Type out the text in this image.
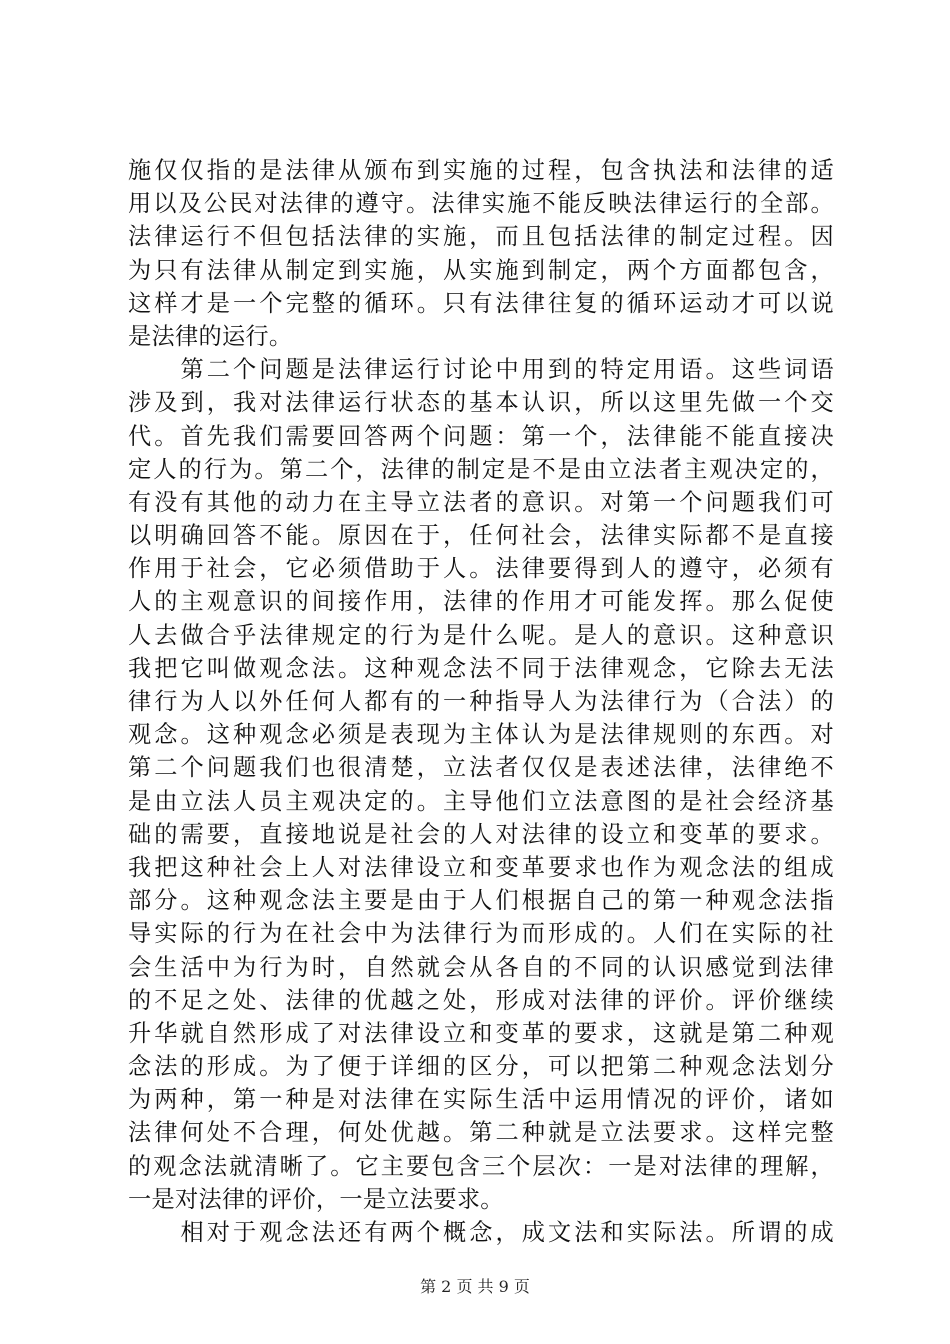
施仅仅指的是法律从颁布到实施的过程，包含执法和法律的适
用以及公民对法律的遵守。法律实施不能反映法律运行的全部。
法律运行不但包括法律的实施，而且包括法律的制定过程。因
为只有法律从制定到实施，从实施到制定，两个方面都包含，
这样才是一个完整的循环。只有法律往复的循环运动才可以说
是法律的运行。
　　第二个问题是法律运行讨论中用到的特定用语。这些词语
涉及到，我对法律运行状态的基本认识，所以这里先做一个交
代。首先我们需要回答两个问题：第一个，法律能不能直接决
定人的行为。第二个，法律的制定是不是由立法者主观决定的，
有没有其他的动力在主导立法者的意识。对第一个问题我们可
以明确回答不能。原因在于，任何社会，法律实际都不是直接
作用于社会，它必须借助于人。法律要得到人的遵守，必须有
人的主观意识的间接作用，法律的作用才可能发挥。那么促使
人去做合乎法律规定的行为是什么呢。是人的意识。这种意识
我把它叫做观念法。这种观念法不同于法律观念，它除去无法
律行为人以外任何人都有的一种指导人为法律行为（合法）的
观念。这种观念必须是表现为主体认为是法律规则的东西。对
第二个问题我们也很清楚，立法者仅仅是表述法律，法律绝不
是由立法人员主观决定的。主导他们立法意图的是社会经济基
础的需要，直接地说是社会的人对法律的设立和变革的要求。
我把这种社会上人对法律设立和变革要求也作为观念法的组成
部分。这种观念法主要是由于人们根据自己的第一种观念法指
导实际的行为在社会中为法律行为而形成的。人们在实际的社
会生活中为行为时，自然就会从各自的不同的认识感觉到法律
的不足之处、法律的优越之处，形成对法律的评价。评价继续
升华就自然形成了对法律设立和变革的要求，这就是第二种观
念法的形成。为了便于详细的区分，可以把第二种观念法划分
为两种，第一种是对法律在实际生活中运用情况的评价，诸如
法律何处不合理，何处优越。第二种就是立法要求。这样完整
的观念法就清晰了。它主要包含三个层次：一是对法律的理解，
一是对法律的评价，一是立法要求。
　　相对于观念法还有两个概念，成文法和实际法。所谓的成
第 2 页 共 9 页
